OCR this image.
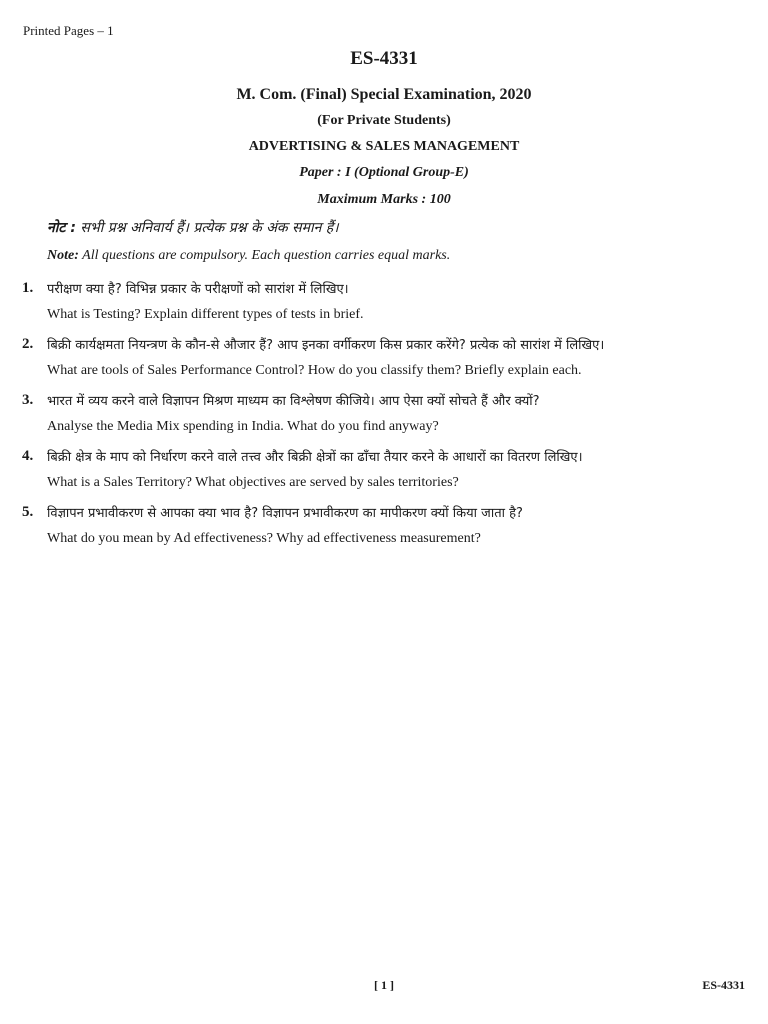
Printed Pages – 1
ES-4331
M. Com. (Final) Special Examination, 2020
(For Private Students)
ADVERTISING & SALES MANAGEMENT
Paper : I (Optional Group-E)
Maximum Marks : 100
नोट : सभी प्रश्न अनिवार्य हैं। प्रत्येक प्रश्न के अंक समान हैं।
Note: All questions are compulsory. Each question carries equal marks.
1. परीक्षण क्या है? विभिन्न प्रकार के परीक्षणों को सारांश में लिखिए।
What is Testing? Explain different types of tests in brief.
2. बिक्री कार्यक्षमता नियन्त्रण के कौन-से औजार हैं? आप इनका वर्गीकरण किस प्रकार करेंगे? प्रत्येक को सारांश में लिखिए।
What are tools of Sales Performance Control? How do you classify them? Briefly explain each.
3. भारत में व्यय करने वाले विज्ञापन मिश्रण माध्यम का विश्लेषण कीजिये। आप ऐसा क्यों सोचते हैं और क्यों?
Analyse the Media Mix spending in India. What do you find anyway?
4. बिक्री क्षेत्र के माप को निर्धारण करने वाले तत्त्व और बिक्री क्षेत्रों का ढाँचा तैयार करने के आधारों का वितरण लिखिए।
What is a Sales Territory? What objectives are served by sales territories?
5. विज्ञापन प्रभावीकरण से आपका क्या भाव है? विज्ञापन प्रभावीकरण का मापीकरण क्यों किया जाता है?
What do you mean by Ad effectiveness? Why ad effectiveness measurement?
[ 1 ]	ES-4331
